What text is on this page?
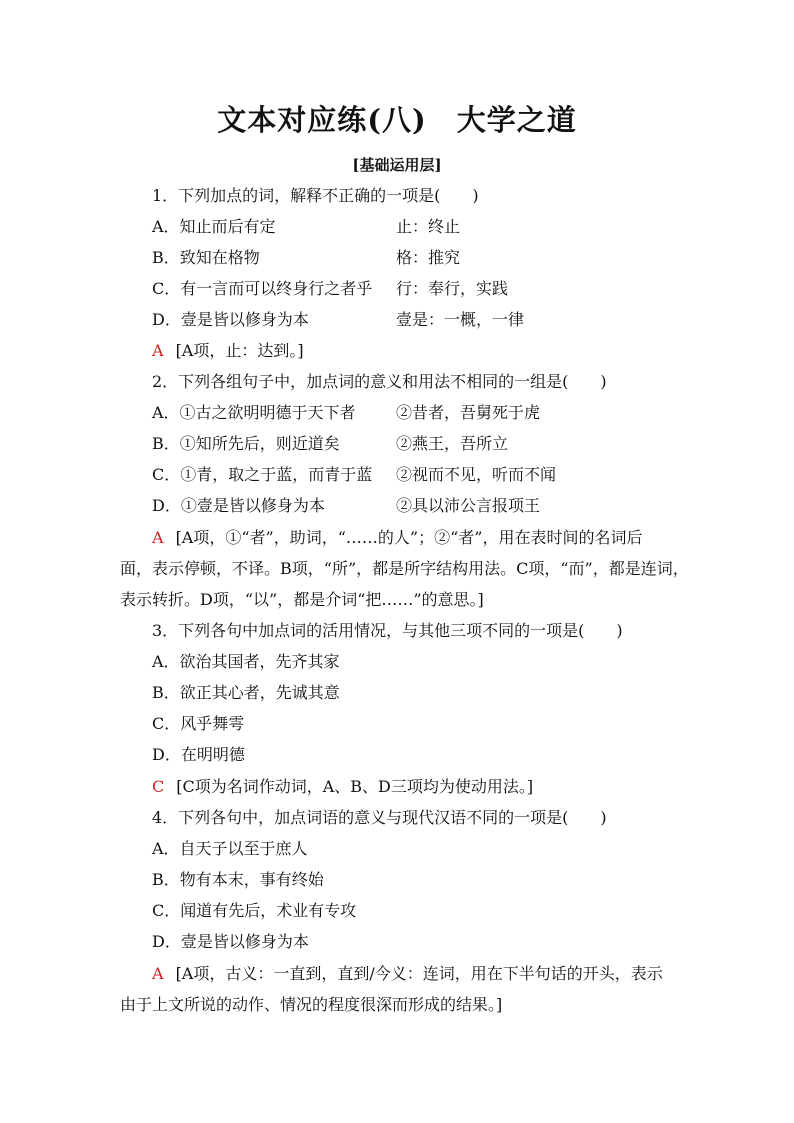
文本对应练(八)　大学之道
[基础运用层]
1．下列加点的词，解释不正确的一项是(　　)
A．知止而后有定	止：终止
B．致知在格物	格：推究
C．有一言而可以终身行之者乎 行：奉行，实践
D．壹是皆以修身为本	壹是：一概，一律
A [A项，止：达到。]
2．下列各组句子中，加点词的意义和用法不相同的一组是(　　)
A．①古之欲明明德于天下者	②昔者，吾舅死于虎
B．①知所先后，则近道矣	②燕王，吾所立
C．①青，取之于蓝，而青于蓝 ②视而不见，听而不闻
D．①壹是皆以修身为本	②具以沛公言报项王
A [A项，①“者”，助词，“……的人”；②“者”，用在表时间的名词后
面，表示停顿，不译。B项，“所”，都是所字结构用法。C项，“而”，都是连词，
表示转折。D项，“以”，都是介词“把……”的意思。]
3．下列各句中加点词的活用情况，与其他三项不同的一项是(　　)
A．欲治其国者，先齐其家
B．欲正其心者，先诚其意
C．风乎舞雩
D．在明明德
C [C项为名词作动词，A、B、D三项均为使动用法。]
4．下列各句中，加点词语的意义与现代汉语不同的一项是(　　)
A．自天子以至于庶人
B．物有本末，事有终始
C．闻道有先后，术业有专攻
D．壹是皆以修身为本
A [A项，古义：一直到，直到/今义：连词，用在下半句话的开头，表示
由于上文所说的动作、情况的程度很深而形成的结果。]
